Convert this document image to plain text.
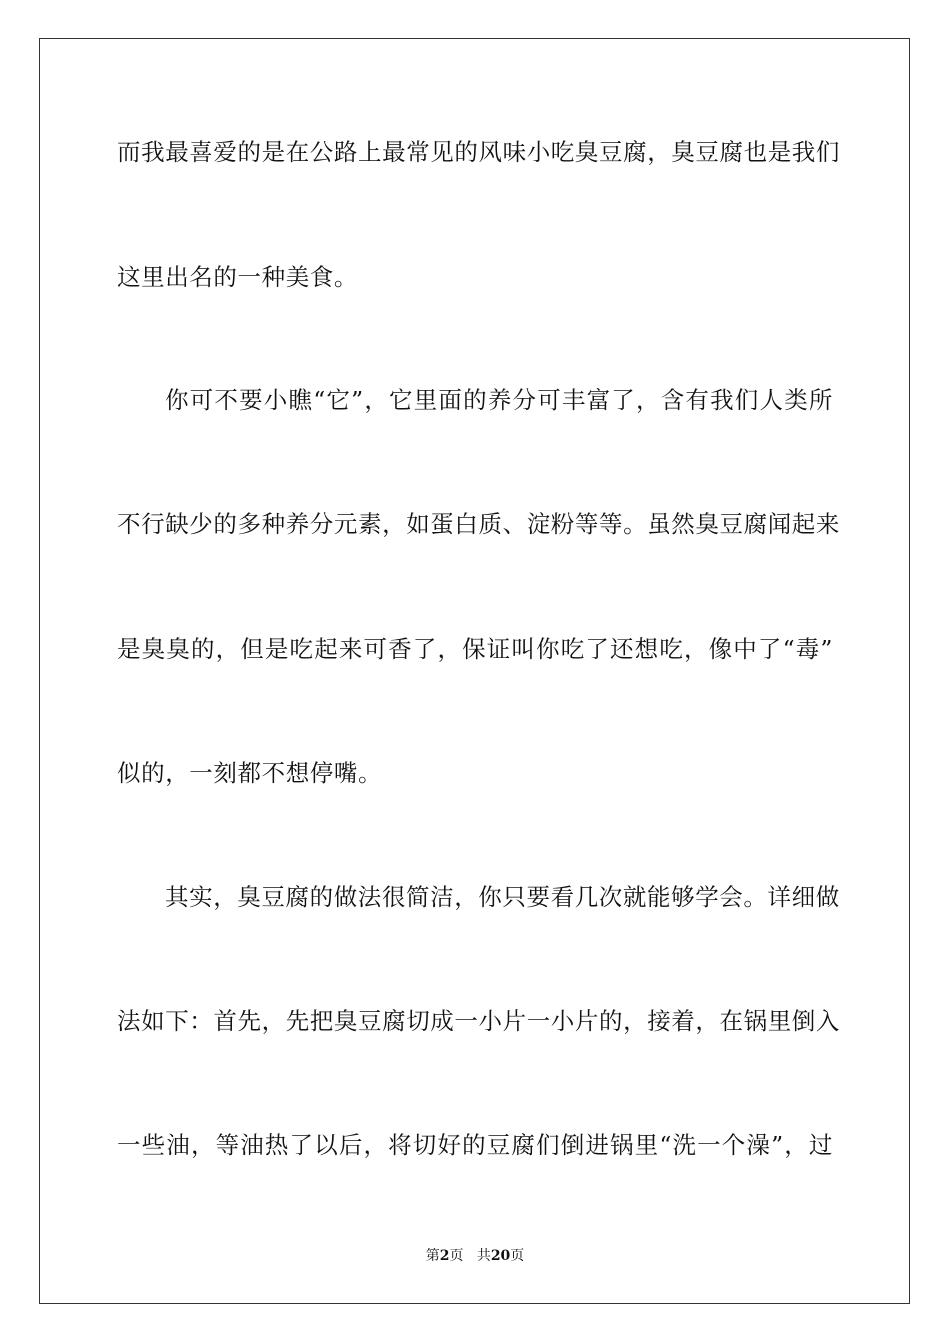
而我最喜爱的是在公路上最常见的风味小吃臭豆腐，臭豆腐也是我们
这里出名的一种美食。
你可不要小瞧“它”，它里面的养分可丰富了，含有我们人类所
不行缺少的多种养分元素，如蛋白质、淀粉等等。虽然臭豆腐闻起来
是臭臭的，但是吃起来可香了，保证叫你吃了还想吃，像中了“毒”
似的，一刻都不想停嘴。
其实，臭豆腐的做法很简洁，你只要看几次就能够学会。详细做
法如下：首先，先把臭豆腐切成一小片一小片的，接着，在锅里倒入
一些油，等油热了以后，将切好的豆腐们倒进锅里“洗一个澡”，过
第2页 共20页
